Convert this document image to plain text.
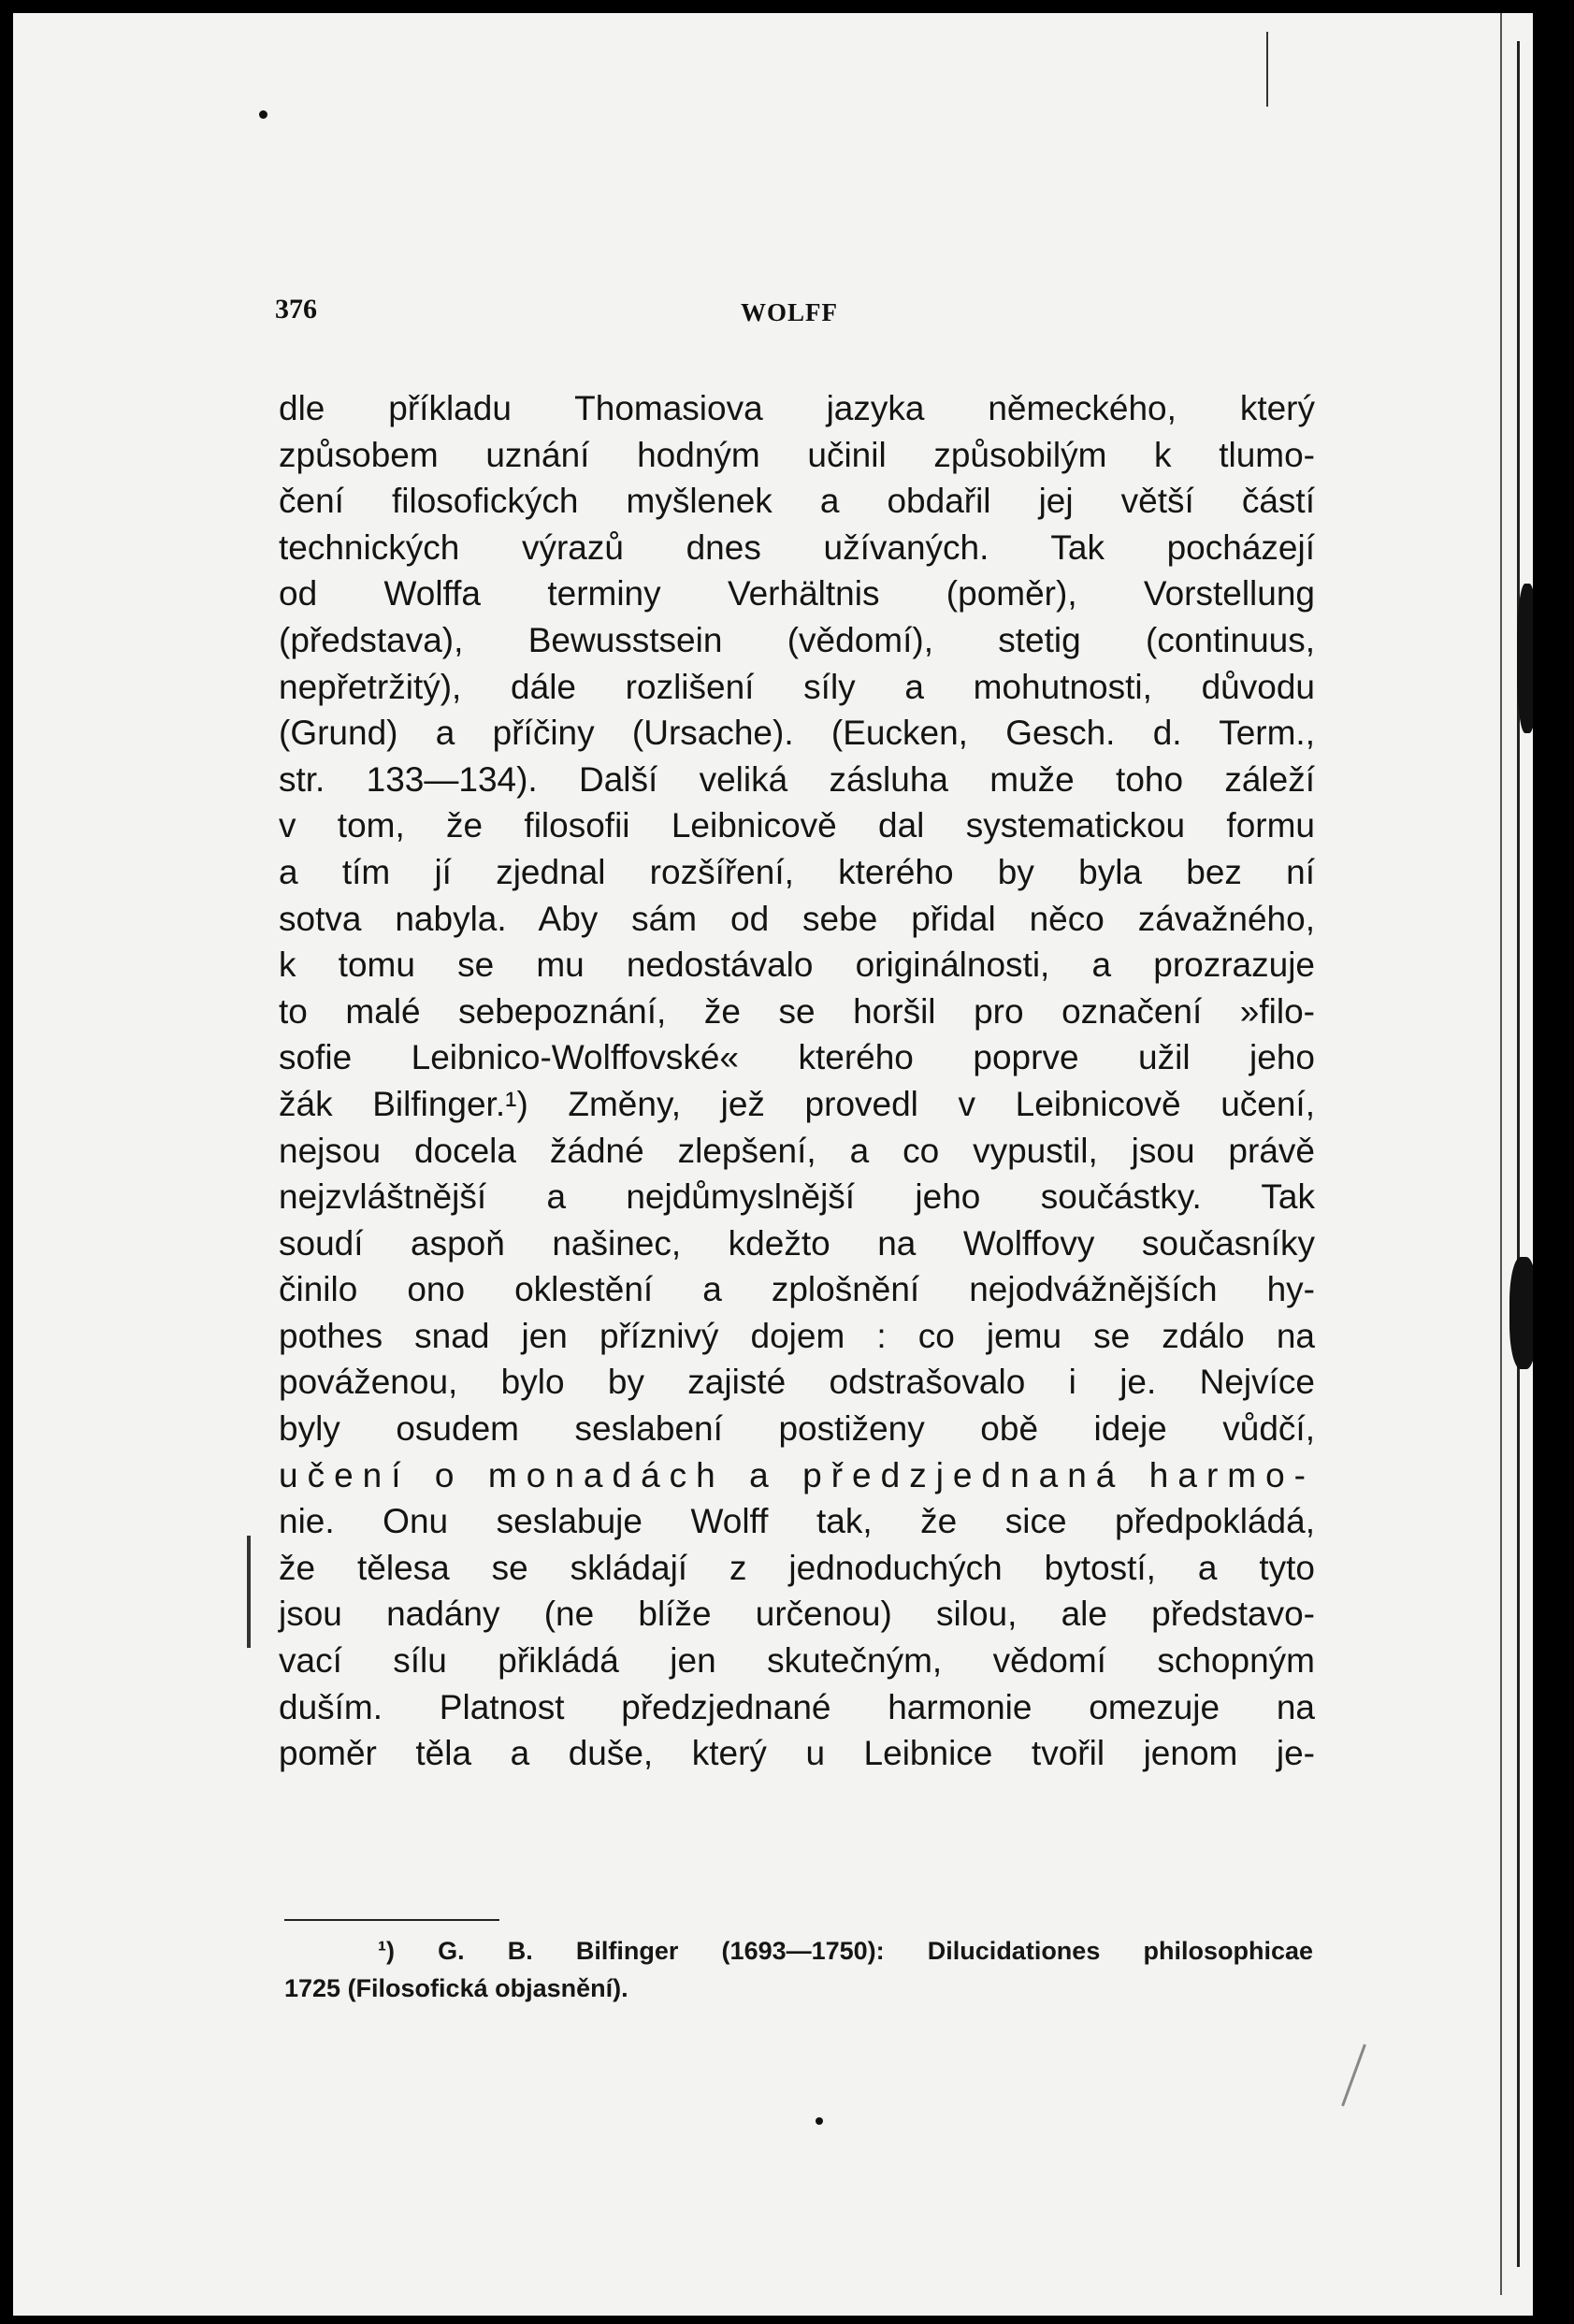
376	WOLFF
dle příkladu Thomasiova jazyka německého, který
způsobem uznání hodným učinil způsobilým k tlumo-
čení filosofických myšlenek a obdařil jej větší částí
technických výrazů dnes užívaných. Tak pocházejí
od Wolffa terminy Verhältnis (poměr), Vorstellung
(představa), Bewusstsein (vědomí), stetig (continuus,
nepřetržitý), dále rozlišení síly a mohutnosti, důvodu
(Grund) a příčiny (Ursache). (Eucken, Gesch. d. Term.,
str. 133—134). Další veliká zásluha muže toho záleží
v tom, že filosofii Leibnicově dal systematickou formu
a tím jí zjednal rozšíření, kterého by byla bez ní
sotva nabyla. Aby sám od sebe přidal něco závažného,
k tomu se mu nedostávalo originálnosti, a prozrazuje
to malé sebepoznání, že se horšil pro označení »filo-
sofie Leibnico-Wolffovské« kterého poprve užil jeho
žák Bilfinger.¹) Změny, jež provedl v Leibnicově učení,
nejsou docela žádné zlepšení, a co vypustil, jsou právě
nejzvláštnější a nejdůmyslnější jeho součástky. Tak
soudí aspoň našinec, kdežto na Wolffovy současníky
činilo ono oklestění a zplošnění nejodvážnějších hy-
pothes snad jen příznivý dojem : co jemu se zdálo na
pováženou, bylo by zajisté odstrašovalo i je. Nejvíce
byly osudem seslabení postiženy obě ideje vůdčí,
učení o monadách a předzjednaná harmo-
nie. Onu seslabuje Wolff tak, že sice předpokládá,
že tělesa se skládají z jednoduchých bytostí, a tyto
jsou nadány (ne blíže určenou) silou, ale představo-
vací sílu přikládá jen skutečným, vědomí schopným
duším. Platnost předzjednané harmonie omezuje na
poměr těla a duše, který u Leibnice tvořil jenom je-
¹) G. B. Bilfinger (1693—1750): Dilucidationes philosophicae
1725 (Filosofická objasnění).
